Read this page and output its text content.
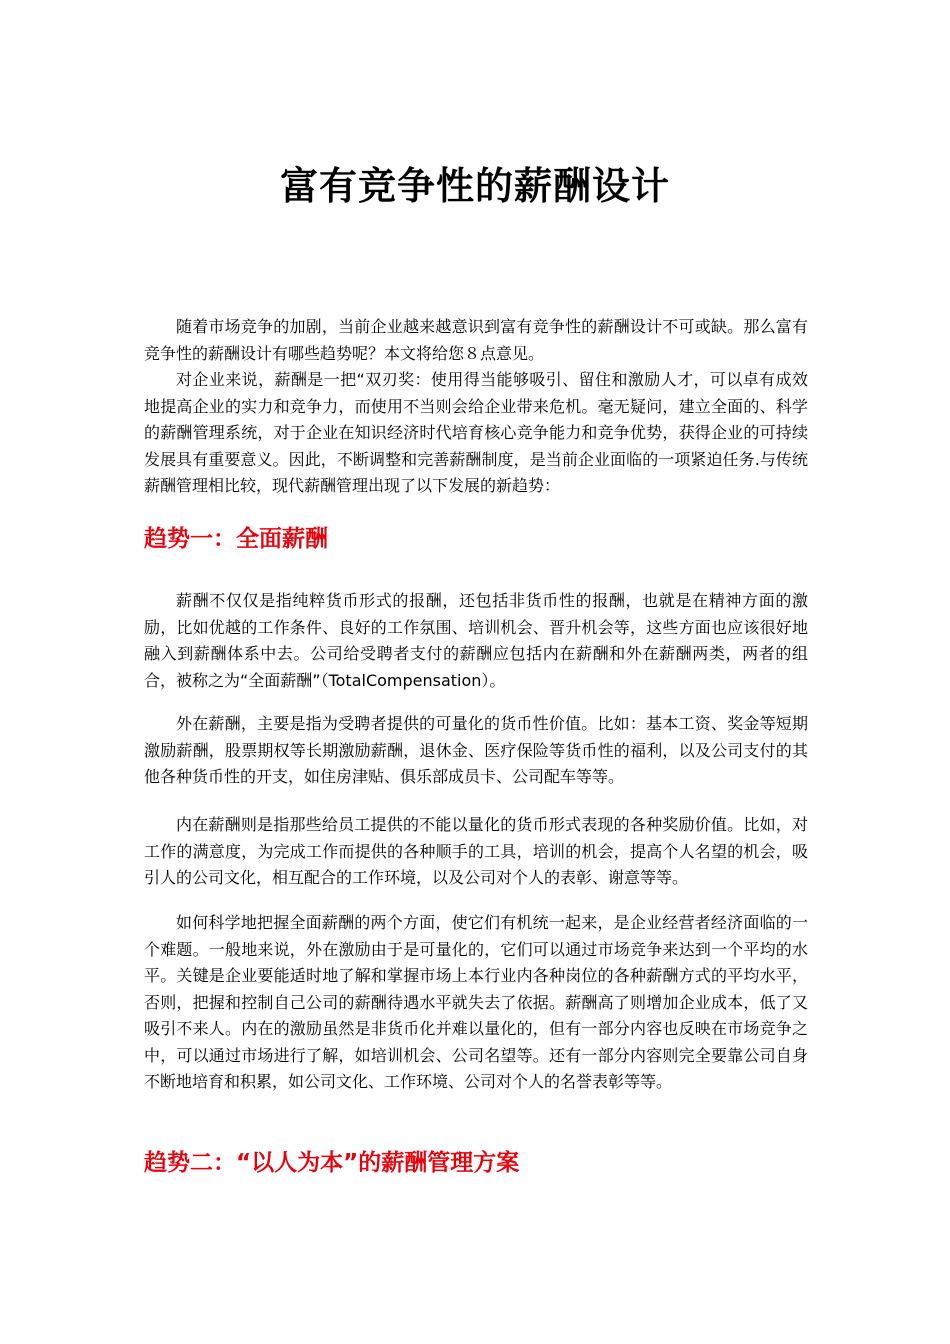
富有竞争性的薪酬设计

随着市场竞争的加剧，当前企业越来越意识到富有竞争性的薪酬设计不可或缺。那么富有竞争性的薪酬设计有哪些趋势呢？本文将给您８点意见。

对企业来说，薪酬是一把“双刃奖：使用得当能够吸引、留住和激励人才，可以卓有成效地提高企业的实力和竞争力，而使用不当则会给企业带来危机。毫无疑问，建立全面的、科学的薪酬管理系统，对于企业在知识经济时代培育核心竞争能力和竞争优势，获得企业的可持续发展具有重要意义。因此，不断调整和完善薪酬制度，是当前企业面临的一项紧迫任务.与传统薪酬管理相比较，现代薪酬管理出现了以下发展的新趋势：

趋势一：全面薪酬

薪酬不仅仅是指纯粹货币形式的报酬，还包括非货币性的报酬，也就是在精神方面的激励，比如优越的工作条件、良好的工作氛围、培训机会、晋升机会等，这些方面也应该很好地融入到薪酬体系中去。公司给受聘者支付的薪酬应包括内在薪酬和外在薪酬两类，两者的组合，被称之为“全面薪酬”（TotalCompensation）。

外在薪酬，主要是指为受聘者提供的可量化的货币性价值。比如：基本工资、奖金等短期激励薪酬，股票期权等长期激励薪酬，退休金、医疗保险等货币性的福利，以及公司支付的其他各种货币性的开支，如住房津贴、俱乐部成员卡、公司配车等等。

内在薪酬则是指那些给员工提供的不能以量化的货币形式表现的各种奖励价值。比如，对工作的满意度，为完成工作而提供的各种顺手的工具，培训的机会，提高个人名望的机会，吸引人的公司文化，相互配合的工作环境，以及公司对个人的表彰、谢意等等。

如何科学地把握全面薪酬的两个方面，使它们有机统一起来，是企业经营者经济面临的一个难题。一般地来说，外在激励由于是可量化的，它们可以通过市场竞争来达到一个平均的水平。关键是企业要能适时地了解和掌握市场上本行业内各种岗位的各种薪酬方式的平均水平，否则，把握和控制自己公司的薪酬待遇水平就失去了依据。薪酬高了则增加企业成本，低了又吸引不来人。内在的激励虽然是非货币化并难以量化的，但有一部分内容也反映在市场竞争之中，可以通过市场进行了解，如培训机会、公司名望等。还有一部分内容则完全要靠公司自身不断地培育和积累，如公司文化、工作环境、公司对个人的名誉表彰等等。

趋势二：“以人为本”的薪酬管理方案
